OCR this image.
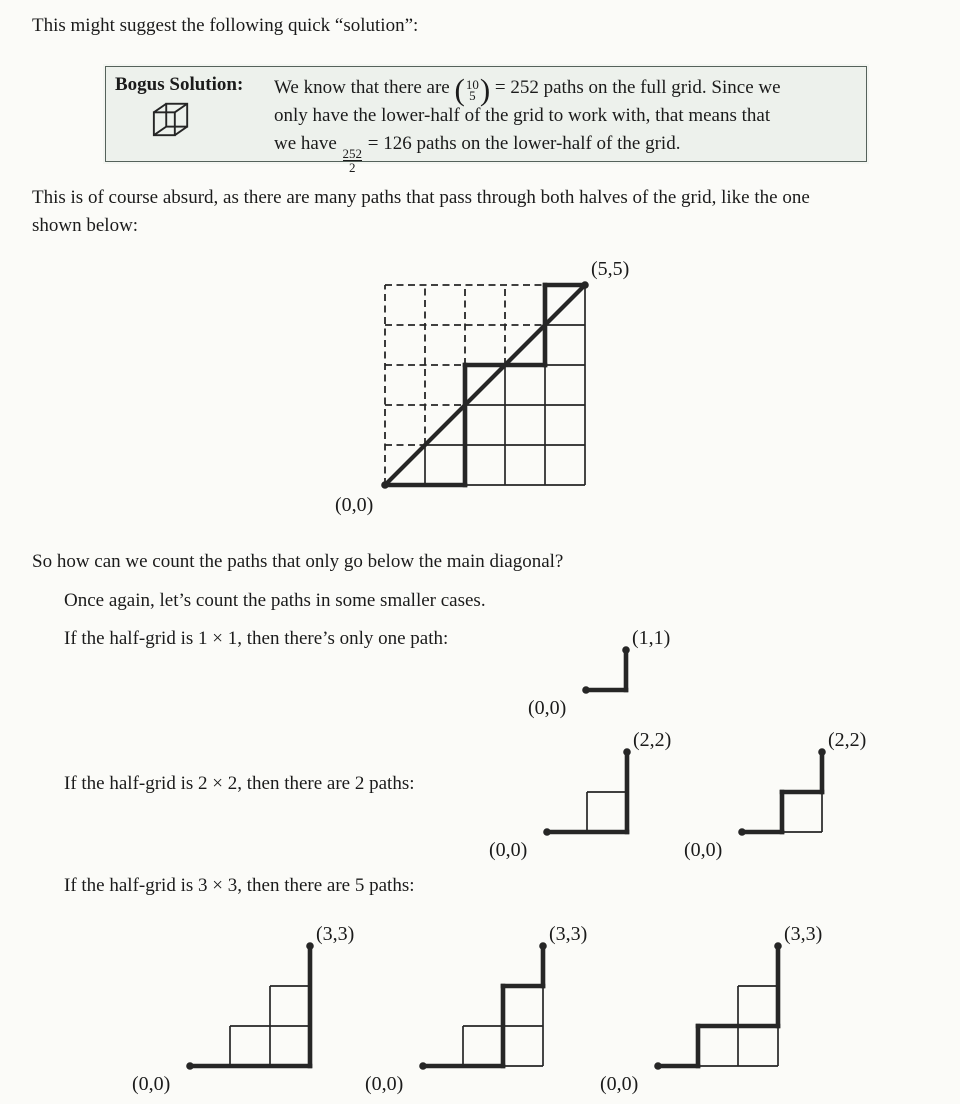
This might suggest the following quick “solution”:
Bogus Solution: We know that there are ( 10
5 ) = 252 paths on the full grid. Since we
only have the lower-half of the grid to work with, that means that
we have
$\frac{252}{2}$
= 126 paths on the lower-half of the grid.
This is of course absurd, as there are many paths that pass through both halves of the grid, like the one
shown below:
(0,0)
(5,5)
So how can we count the paths that only go below the main diagonal?
Once again, let’s count the paths in some smaller cases.
If the half-grid is 1 × 1, then there’s only one path:
If the half-grid is 2 × 2, then there are 2 paths:
If the half-grid is 3 × 3, then there are 5 paths:
(0,0)
(1,1)
(0,0)
(2,2)
(0,0)
(2,2)
(0,0)
(3,3)
(0,0)
(3,3)
(0,0)
(3,3)
